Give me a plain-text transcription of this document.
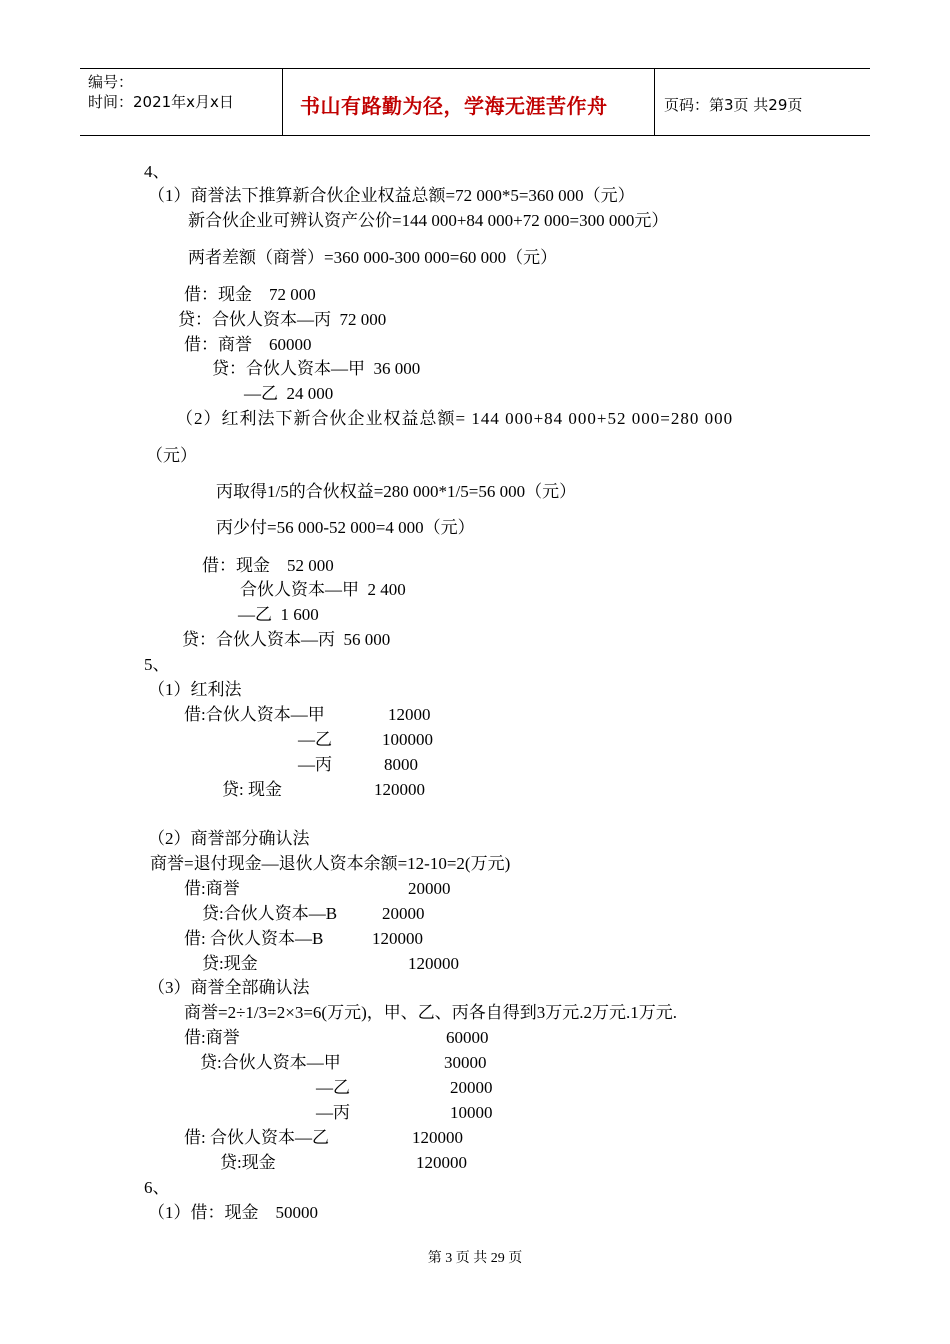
编号：
时间：2021年x月x日	书山有路勤为径，学海无涯苦作舟	页码：第3页 共29页
4、
（1）商誉法下推算新合伙企业权益总额=72 000*5=360 000（元）
新合伙企业可辨认资产公价=144 000+84 000+72 000=300 000元）
两者差额（商誉）=360 000-300 000=60 000（元）
借：现金    72 000
贷：合伙人资本—丙  72 000
借：商誉    60000
贷：合伙人资本—甲  36 000
—乙  24 000
（2）红利法下新合伙企业权益总额= 144 000+84 000+52 000=280 000
（元）
丙取得1/5的合伙权益=280 000*1/5=56 000（元）
丙少付=56 000-52 000=4 000（元）
借：现金    52 000
合伙人资本—甲  2 400
—乙  1 600
贷：合伙人资本—丙  56 000
5、
（1）红利法
借:合伙人资本—甲	12000
—乙	100000
—丙	8000
贷: 现金	120000
（2）商誉部分确认法
商誉=退付现金—退伙人资本余额=12-10=2(万元)
借:商誉	20000
贷:合伙人资本—B	20000
借: 合伙人资本—B	120000
贷:现金	120000
（3）商誉全部确认法
商誉=2÷1/3=2×3=6(万元)，甲、乙、丙各自得到3万元.2万元.1万元.
借:商誉	60000
贷:合伙人资本—甲	30000
—乙	20000
—丙	10000
借: 合伙人资本—乙	120000
贷:现金	120000
6、
（1）借：现金    50000
第 3 页 共 29 页
